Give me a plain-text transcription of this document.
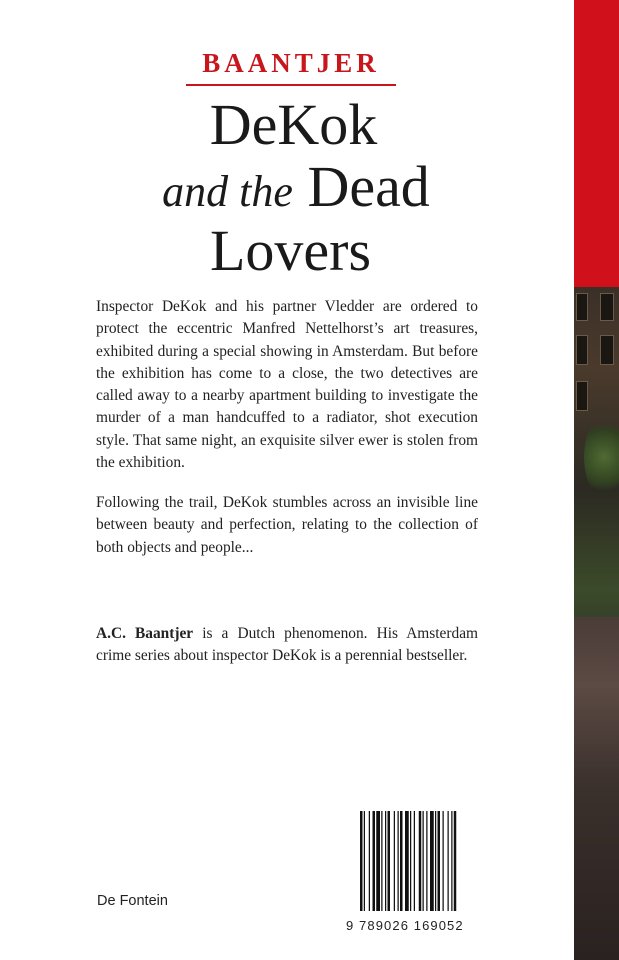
BAANTJER
DeKok
and the Dead
Lovers

Inspector DeKok and his partner Vledder are ordered to protect the eccentric Manfred Nettelhorst’s art treasures, exhibited during a special showing in Amsterdam. But before the exhibition has come to a close, the two detectives are called away to a nearby apartment building to investigate the murder of a man handcuffed to a radiator, shot execution style. That same night, an exquisite silver ewer is stolen from the exhibition.

Following the trail, DeKok stumbles across an invisible line between beauty and perfection, relating to the collection of both objects and people...

A.C. Baantjer is a Dutch phenomenon. His Amsterdam crime series about inspector DeKok is a perennial bestseller.

De Fontein
9 789026 169052
